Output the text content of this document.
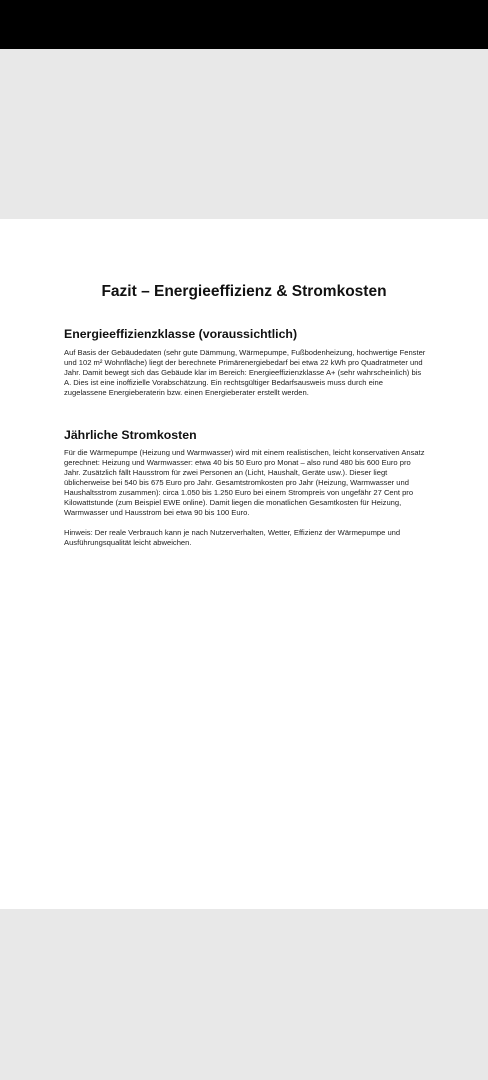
Fazit – Energieeffizienz & Stromkosten
Energieeffizienzklasse (voraussichtlich)

Auf Basis der Gebäudedaten (sehr gute Dämmung, Wärmepumpe, Fußbodenheizung, hochwertige Fenster und 102 m² Wohnfläche) liegt der berechnete Primärenergiebedarf bei etwa 22 kWh pro Quadratmeter und Jahr. Damit bewegt sich das Gebäude klar im Bereich: Energieeffizienzklasse A+ (sehr wahrscheinlich) bis A. Dies ist eine inoffizielle Vorabschätzung. Ein rechtsgültiger Bedarfsausweis muss durch eine zugelassene Energieberaterin bzw. einen Energieberater erstellt werden.

Jährliche Stromkosten

Für die Wärmepumpe (Heizung und Warmwasser) wird mit einem realistischen, leicht konservativen Ansatz gerechnet: Heizung und Warmwasser: etwa 40 bis 50 Euro pro Monat – also rund 480 bis 600 Euro pro Jahr. Zusätzlich fällt Hausstrom für zwei Personen an (Licht, Haushalt, Geräte usw.). Dieser liegt üblicherweise bei 540 bis 675 Euro pro Jahr. Gesamtstromkosten pro Jahr (Heizung, Warmwasser und Haushaltsstrom zusammen): circa 1.050 bis 1.250 Euro bei einem Strompreis von ungefähr 27 Cent pro Kilowattstunde (zum Beispiel EWE online). Damit liegen die monatlichen Gesamtkosten für Heizung, Warmwasser und Hausstrom bei etwa 90 bis 100 Euro.

Hinweis: Der reale Verbrauch kann je nach Nutzerverhalten, Wetter, Effizienz der Wärmepumpe und Ausführungsqualität leicht abweichen.
